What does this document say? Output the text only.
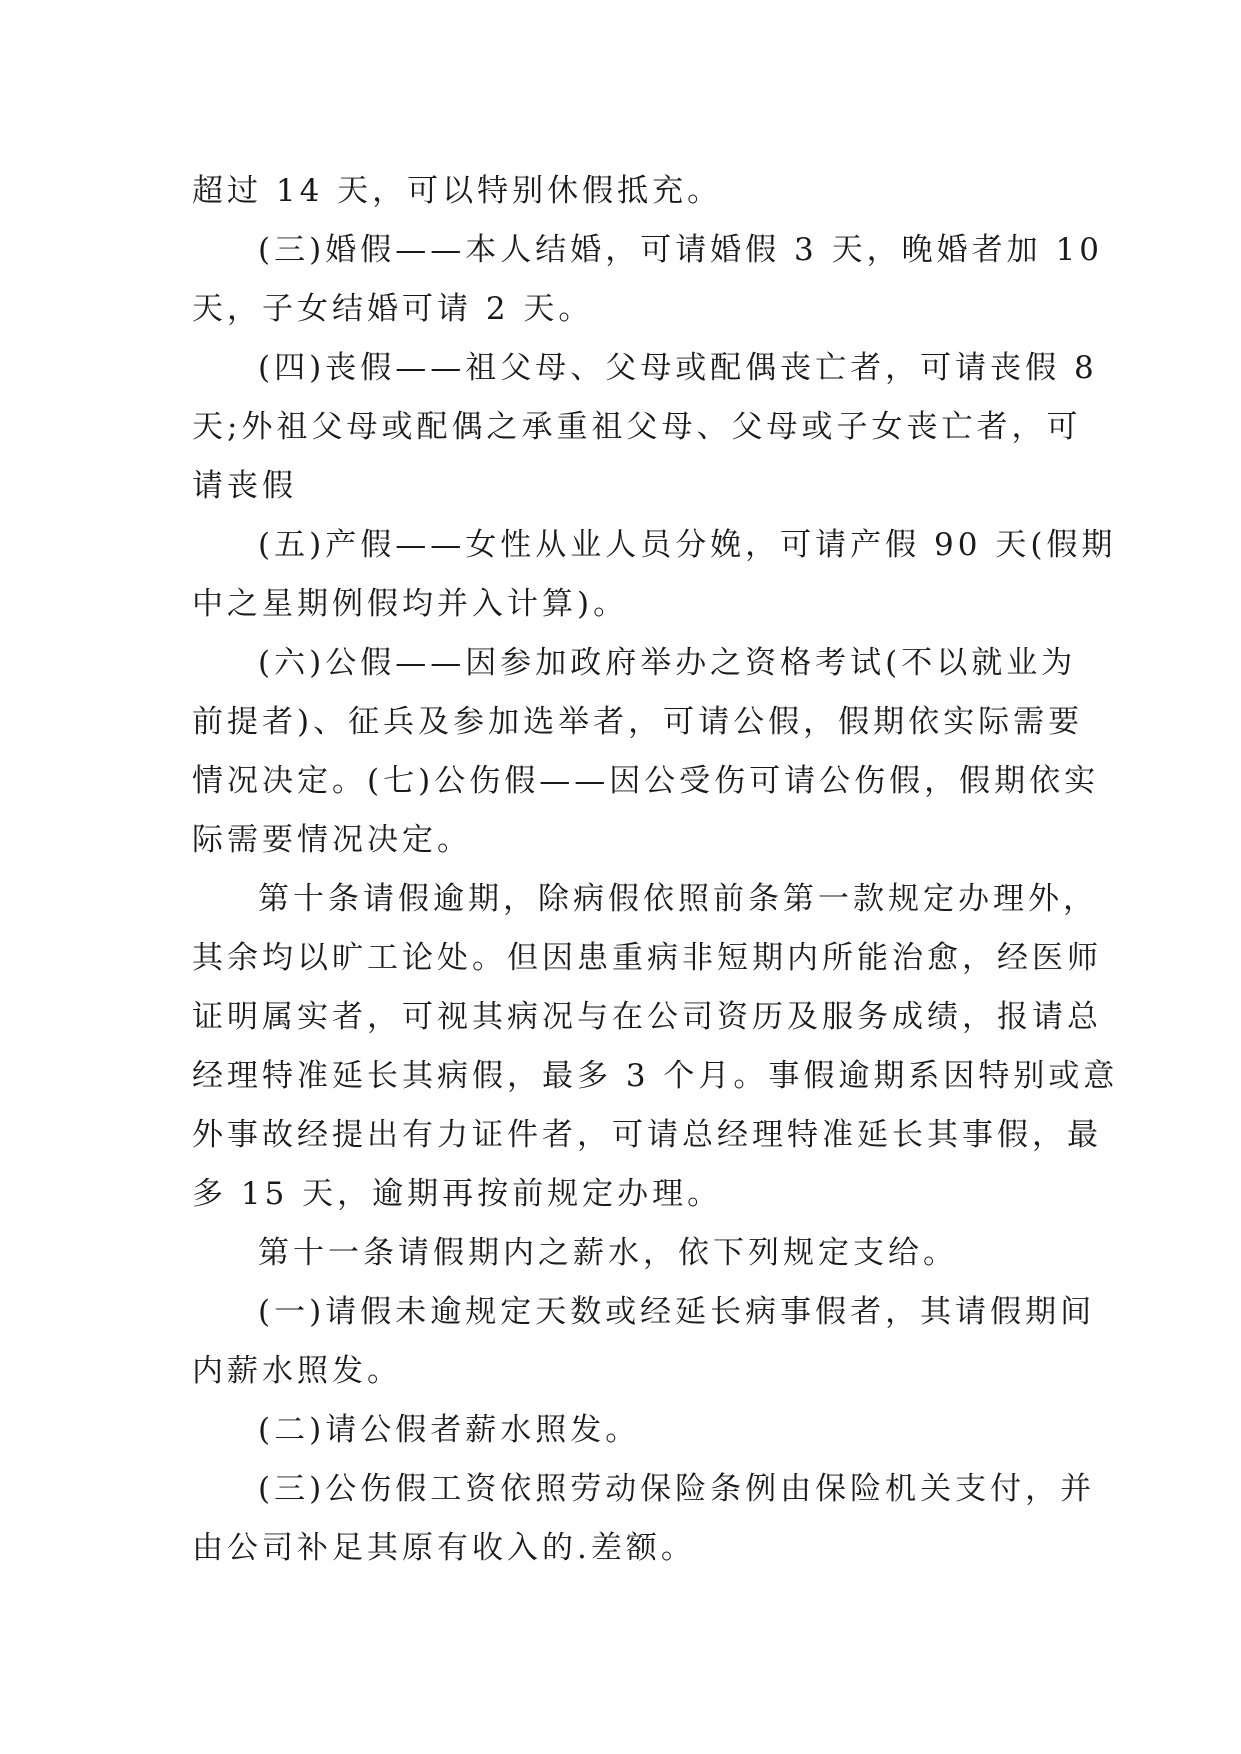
超过 14 天，可以特别休假抵充。
(三)婚假——本人结婚，可请婚假 3 天，晚婚者加 10
天，子女结婚可请 2 天。
(四)丧假——祖父母、父母或配偶丧亡者，可请丧假 8
天;外祖父母或配偶之承重祖父母、父母或子女丧亡者，可
请丧假
(五)产假——女性从业人员分娩，可请产假 90 天(假期
中之星期例假均并入计算)。
(六)公假——因参加政府举办之资格考试(不以就业为
前提者)、征兵及参加选举者，可请公假，假期依实际需要
情况决定。(七)公伤假——因公受伤可请公伤假，假期依实
际需要情况决定。
第十条请假逾期，除病假依照前条第一款规定办理外，
其余均以旷工论处。但因患重病非短期内所能治愈，经医师
证明属实者，可视其病况与在公司资历及服务成绩，报请总
经理特准延长其病假，最多 3 个月。事假逾期系因特别或意
外事故经提出有力证件者，可请总经理特准延长其事假，最
多 15 天，逾期再按前规定办理。
第十一条请假期内之薪水，依下列规定支给。
(一)请假未逾规定天数或经延长病事假者，其请假期间
内薪水照发。
(二)请公假者薪水照发。
(三)公伤假工资依照劳动保险条例由保险机关支付，并
由公司补足其原有收入的.差额。
